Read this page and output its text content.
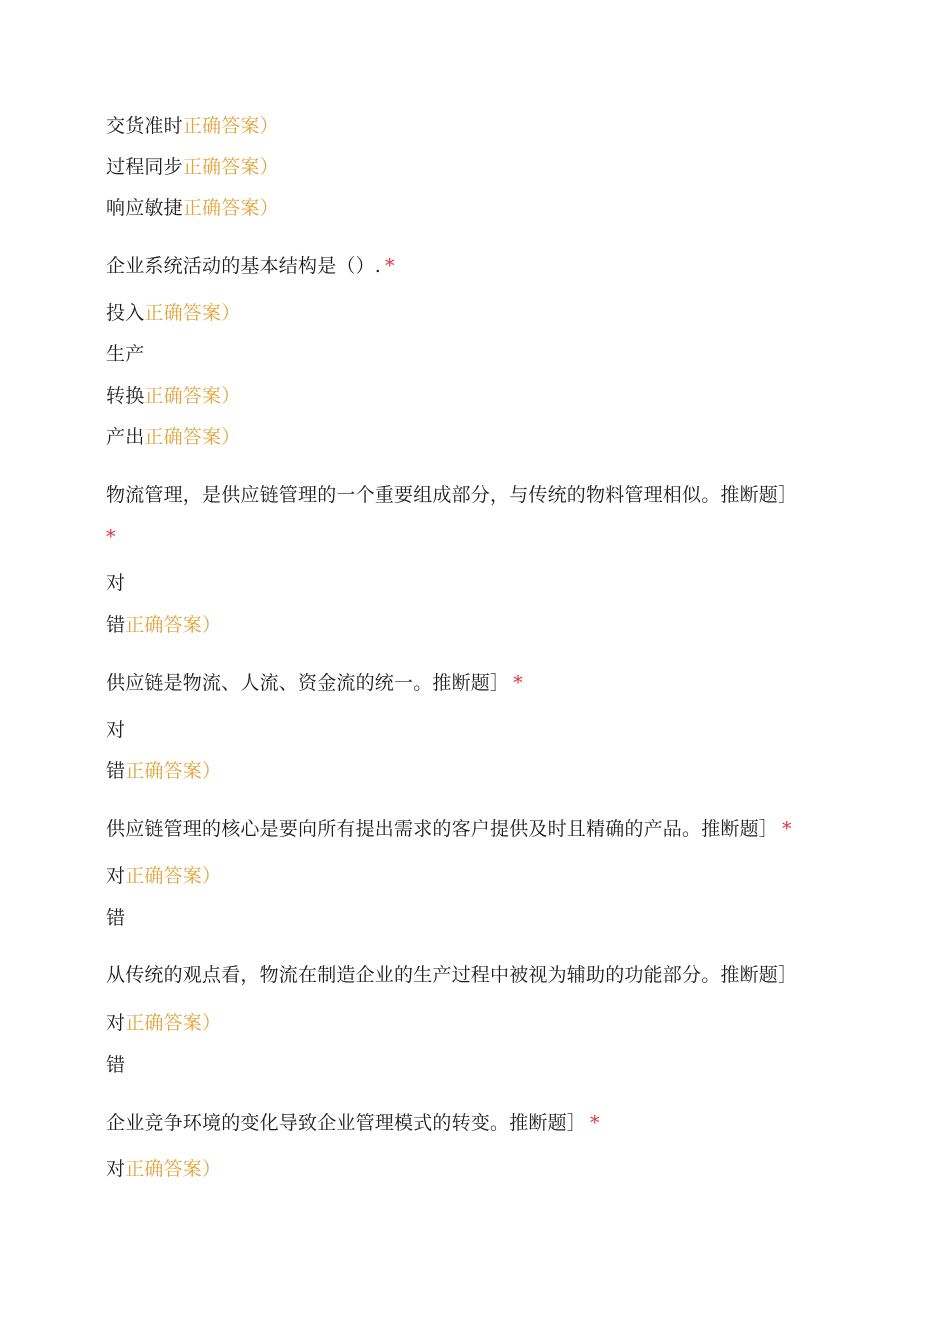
交货准时正确答案）
过程同步正确答案）
响应敏捷正确答案）
企业系统活动的基本结构是（）. *
投入正确答案）
生产
转换正确答案）
产出正确答案）
物流管理，是供应链管理的一个重要组成部分，与传统的物料管理相似。推断题］
*
对
错正确答案）
供应链是物流、人流、资金流的统一。推断题］ *
对
错正确答案）
供应链管理的核心是要向所有提出需求的客户提供及时且精确的产品。推断题］ *
对正确答案）
错
从传统的观点看，物流在制造企业的生产过程中被视为辅助的功能部分。推断题］
对正确答案）
错
企业竞争环境的变化导致企业管理模式的转变。推断题］ *
对正确答案）
